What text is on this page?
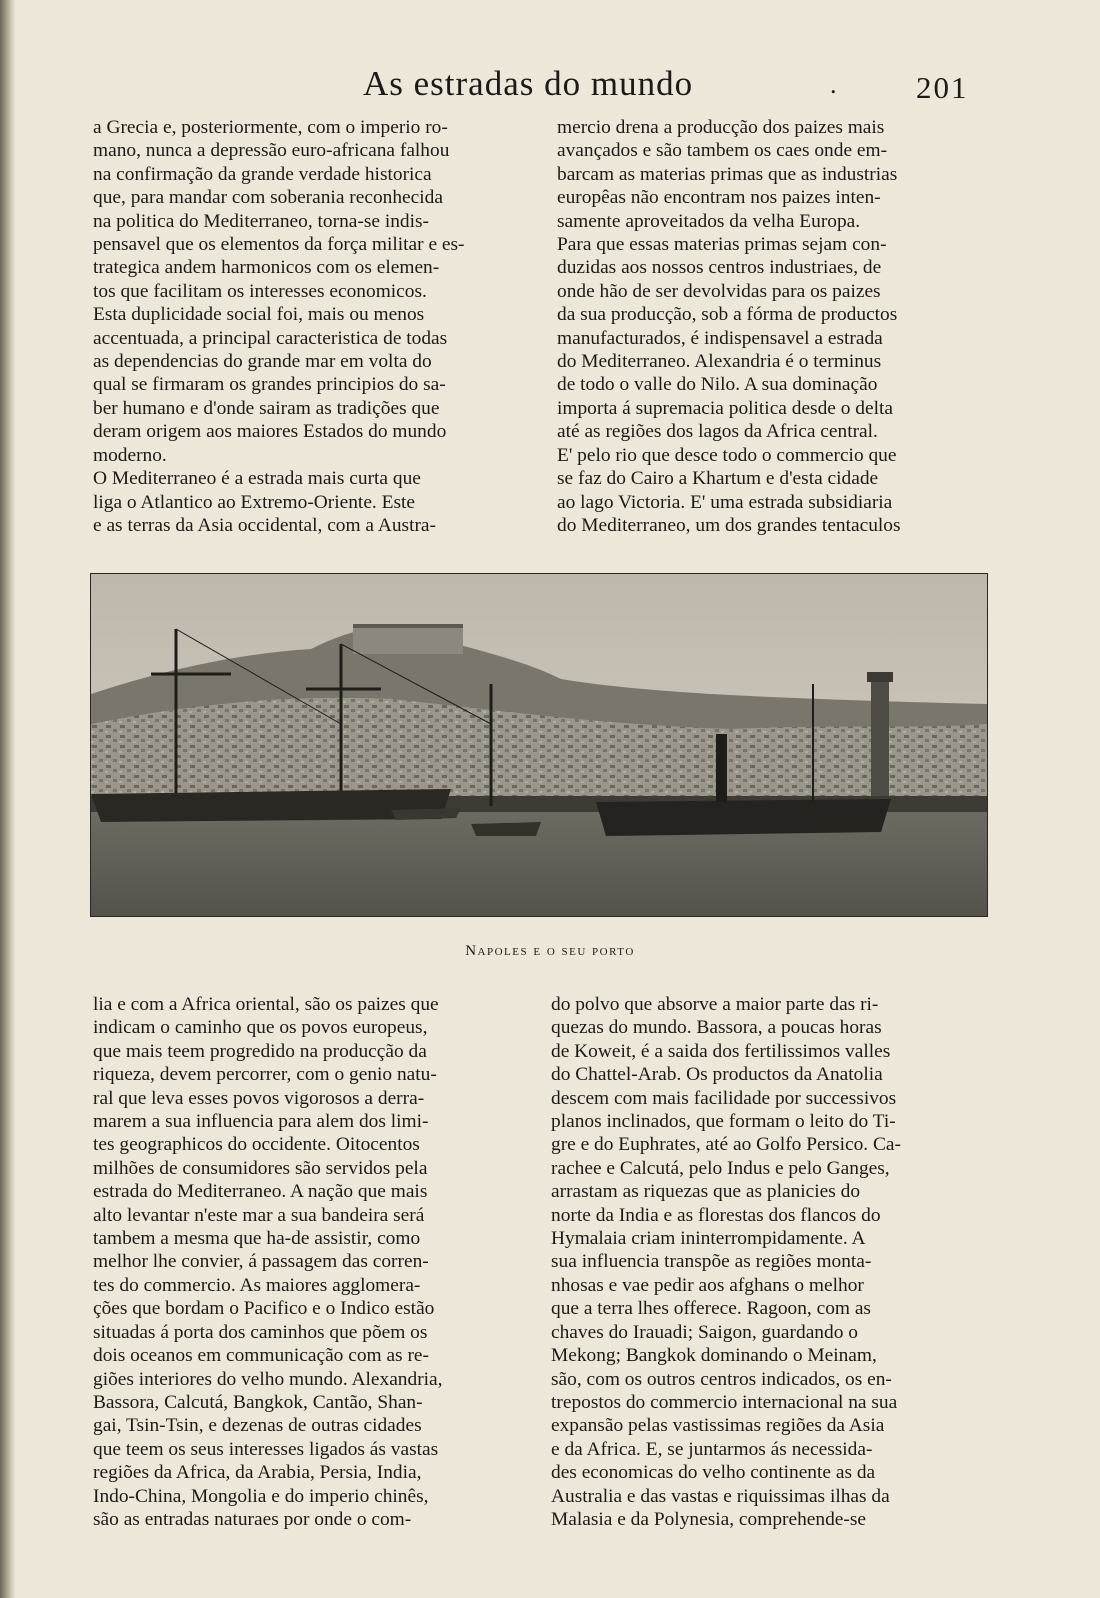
As estradas do mundo	.	201
a Grecia e, posteriormente, com o imperio ro-
mano, nunca a depressão euro-africana falhou
na confirmação da grande verdade historica
que, para mandar com soberania reconhecida
na politica do Mediterraneo, torna-se indis-
pensavel que os elementos da força militar e es-
trategica andem harmonicos com os elemen-
tos que facilitam os interesses economicos.
Esta duplicidade social foi, mais ou menos
accentuada, a principal caracteristica de todas
as dependencias do grande mar em volta do
qual se firmaram os grandes principios do sa-
ber humano e d'onde sairam as tradições que
deram origem aos maiores Estados do mundo
moderno.
O Mediterraneo é a estrada mais curta que
liga o Atlantico ao Extremo-Oriente. Este
e as terras da Asia occidental, com a Austra-
mercio drena a producção dos paizes mais
avançados e são tambem os caes onde em-
barcam as materias primas que as industrias
europêas não encontram nos paizes inten-
samente aproveitados da velha Europa.
Para que essas materias primas sejam con-
duzidas aos nossos centros industriaes, de
onde hão de ser devolvidas para os paizes
da sua producção, sob a fórma de productos
manufacturados, é indispensavel a estrada
do Mediterraneo. Alexandria é o terminus
de todo o valle do Nilo. A sua dominação
importa á supremacia politica desde o delta
até as regiões dos lagos da Africa central.
E' pelo rio que desce todo o commercio que
se faz do Cairo a Khartum e d'esta cidade
ao lago Victoria. E' uma estrada subsidiaria
do Mediterraneo, um dos grandes tentaculos
Napoles e o seu porto
lia e com a Africa oriental, são os paizes que
indicam o caminho que os povos europeus,
que mais teem progredido na producção da
riqueza, devem percorrer, com o genio natu-
ral que leva esses povos vigorosos a derra-
marem a sua influencia para alem dos limi-
tes geographicos do occidente. Oitocentos
milhões de consumidores são servidos pela
estrada do Mediterraneo. A nação que mais
alto levantar n'este mar a sua bandeira será
tambem a mesma que ha-de assistir, como
melhor lhe convier, á passagem das corren-
tes do commercio. As maiores agglomera-
ções que bordam o Pacifico e o Indico estão
situadas á porta dos caminhos que põem os
dois oceanos em communicação com as re-
giões interiores do velho mundo. Alexandria,
Bassora, Calcutá, Bangkok, Cantão, Shan-
gai, Tsin-Tsin, e dezenas de outras cidades
que teem os seus interesses ligados ás vastas
regiões da Africa, da Arabia, Persia, India,
Indo-China, Mongolia e do imperio chinês,
são as entradas naturaes por onde o com-
do polvo que absorve a maior parte das ri-
quezas do mundo. Bassora, a poucas horas
de Koweit, é a saida dos fertilissimos valles
do Chattel-Arab. Os productos da Anatolia
descem com mais facilidade por successivos
planos inclinados, que formam o leito do Ti-
gre e do Euphrates, até ao Golfo Persico. Ca-
rachee e Calcutá, pelo Indus e pelo Ganges,
arrastam as riquezas que as planicies do
norte da India e as florestas dos flancos do
Hymalaia criam ininterrompidamente. A
sua influencia transpõe as regiões monta-
nhosas e vae pedir aos afghans o melhor
que a terra lhes offerece. Ragoon, com as
chaves do Irauadi; Saigon, guardando o
Mekong; Bangkok dominando o Meinam,
são, com os outros centros indicados, os en-
trepostos do commercio internacional na sua
expansão pelas vastissimas regiões da Asia
e da Africa. E, se juntarmos ás necessida-
des economicas do velho continente as da
Australia e das vastas e riquissimas ilhas da
Malasia e da Polynesia, comprehende-se
